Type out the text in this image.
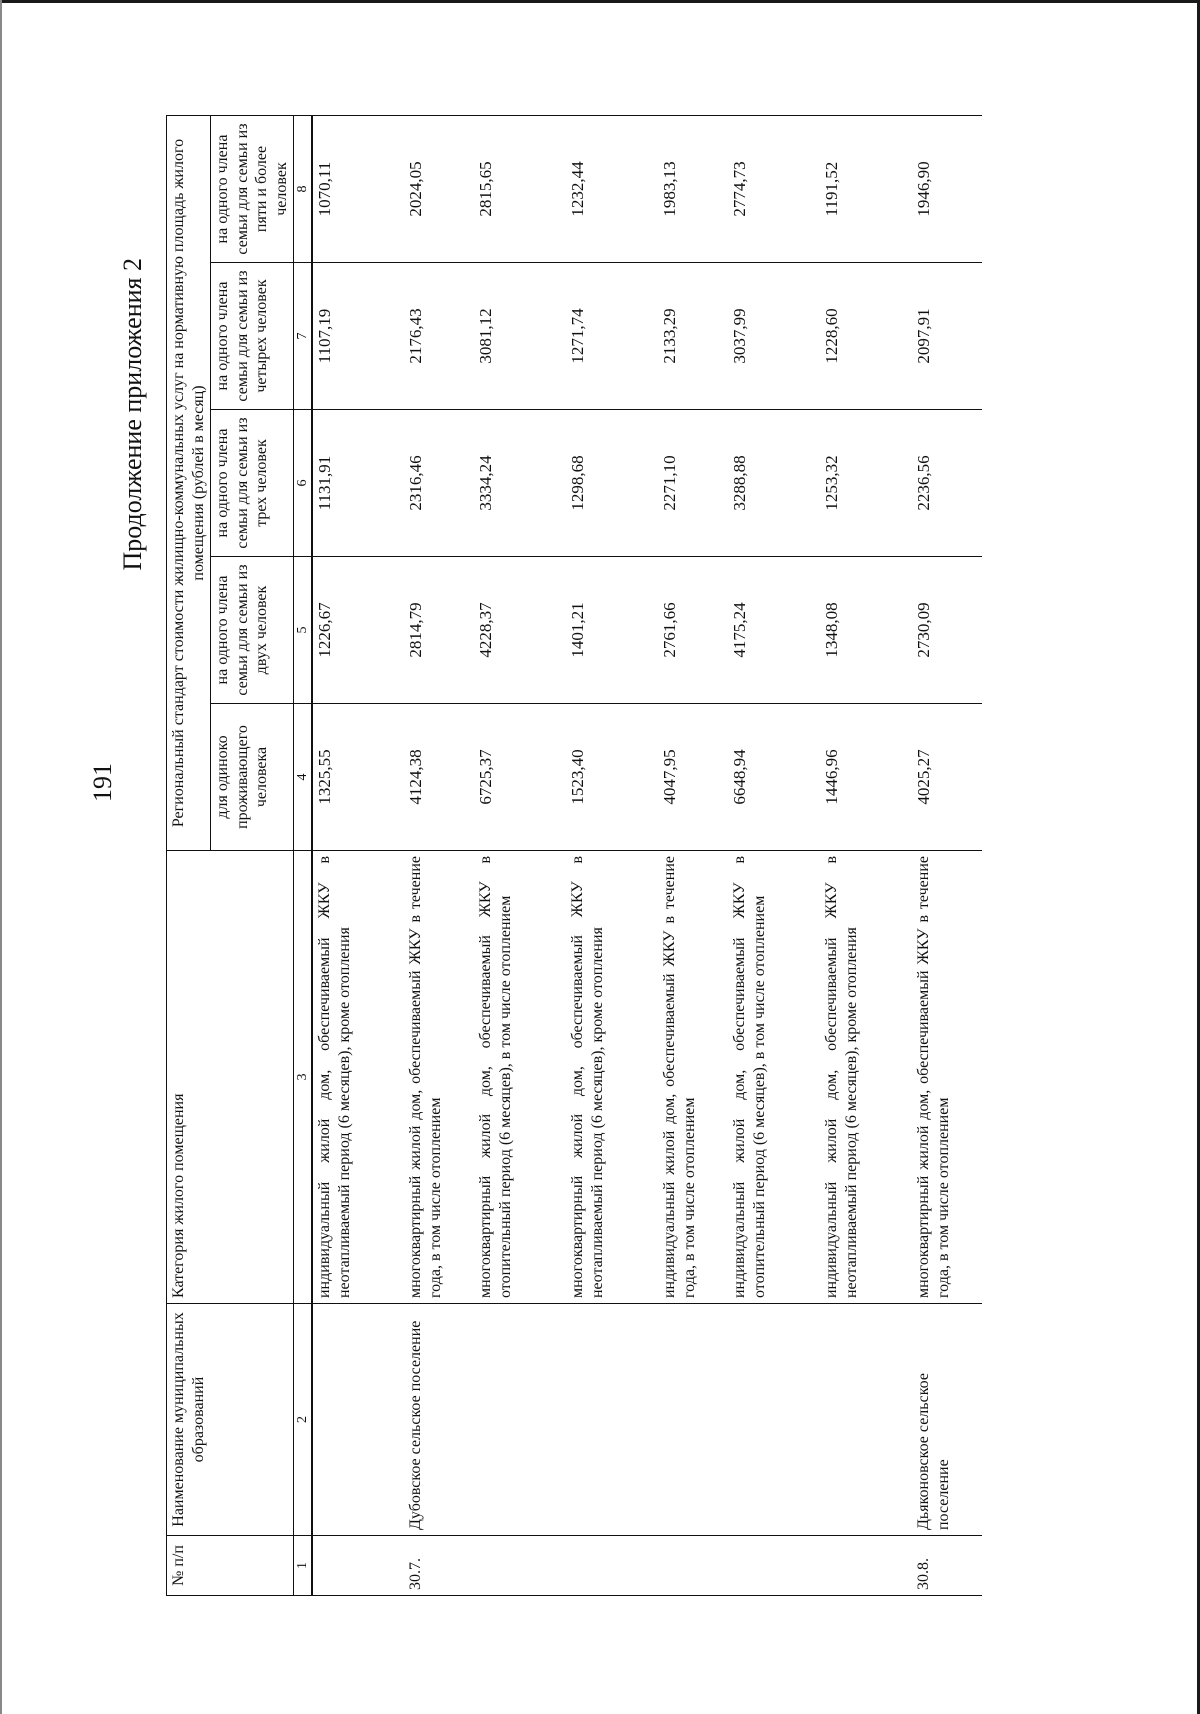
191
Продолжение приложения 2
№ п/п	Наименование муниципальных образований	Категория жилого помещения	Региональный стандарт стоимости жилищно-коммунальных услуг на нормативную площадь жилого помещения (рублей в месяц)				
			для одиноко проживающего человека	на одного члена семьи для семьи из двух человек	на одного члена семьи для семьи из трех человек	на одного члена семьи для семьи из четырех человек	на одного члена семьи для семьи из пяти и более человек
1	2	3	4	5	6	7	8
		индивидуальный жилой дом, обеспечиваемый ЖКУ в неотапливаемый период (6 месяцев), кроме отопления	1325,55	1226,67	1131,91	1107,19	1070,11
30.7.	Дубовское сельское поселение	многоквартирный жилой дом, обеспечиваемый ЖКУ в течение года, в том числе отоплением	4124,38	2814,79	2316,46	2176,43	2024,05
		многоквартирный жилой дом, обеспечиваемый ЖКУ в отопительный период (6 месяцев), в том числе отоплением	6725,37	4228,37	3334,24	3081,12	2815,65
		многоквартирный жилой дом, обеспечиваемый ЖКУ в неотапливаемый период (6 месяцев), кроме отопления	1523,40	1401,21	1298,68	1271,74	1232,44
		индивидуальный жилой дом, обеспечиваемый ЖКУ в течение года, в том числе отоплением	4047,95	2761,66	2271,10	2133,29	1983,13
		индивидуальный жилой дом, обеспечиваемый ЖКУ в отопительный период (6 месяцев), в том числе отоплением	6648,94	4175,24	3288,88	3037,99	2774,73
		индивидуальный жилой дом, обеспечиваемый ЖКУ в неотапливаемый период (6 месяцев), кроме отопления	1446,96	1348,08	1253,32	1228,60	1191,52
30.8.	Дьяконовское сельское поселение	многоквартирный жилой дом, обеспечиваемый ЖКУ в течение года, в том числе отоплением	4025,27	2730,09	2236,56	2097,91	1946,90
